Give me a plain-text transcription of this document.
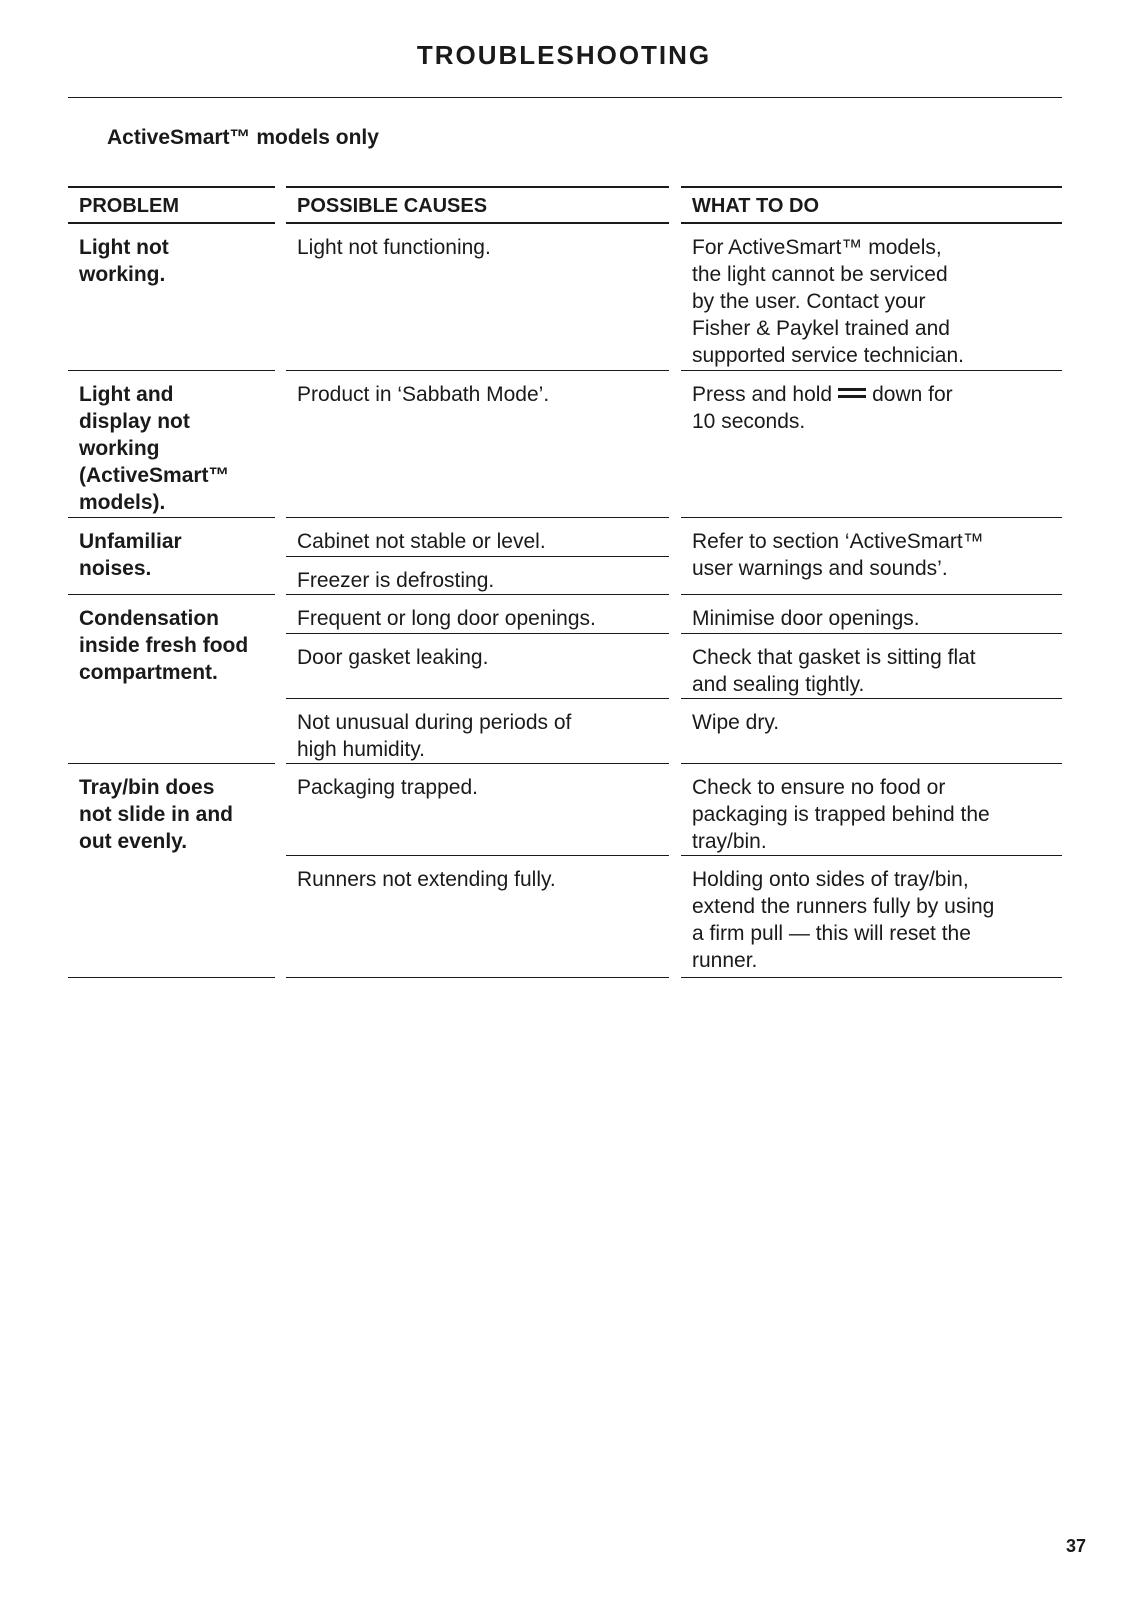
TROUBLESHOOTING
ActiveSmart™ models only
PROBLEM
Light not
working.
Light and
display not
working
(ActiveSmart™
models).
Unfamiliar
noises.
Condensation
inside fresh food
compartment.
Tray/bin does
not slide in and
out evenly.
POSSIBLE CAUSES
Light not functioning.
Product in ‘Sabbath Mode’.
Cabinet not stable or level.
Freezer is defrosting.
Frequent or long door openings.
Door gasket leaking.
Not unusual during periods of
high humidity.
Packaging trapped.
Runners not extending fully.
WHAT TO DO
For ActiveSmart™ models,
the light cannot be serviced
by the user. Contact your
Fisher & Paykel trained and
supported service technician.
Press and hold down for
10 seconds.
Refer to section ‘ActiveSmart™
user warnings and sounds’.
Minimise door openings.
Check that gasket is sitting flat
and sealing tightly.
Wipe dry.
Check to ensure no food or
packaging is trapped behind the
tray/bin.
Holding onto sides of tray/bin,
extend the runners fully by using
a firm pull — this will reset the
runner.
37
